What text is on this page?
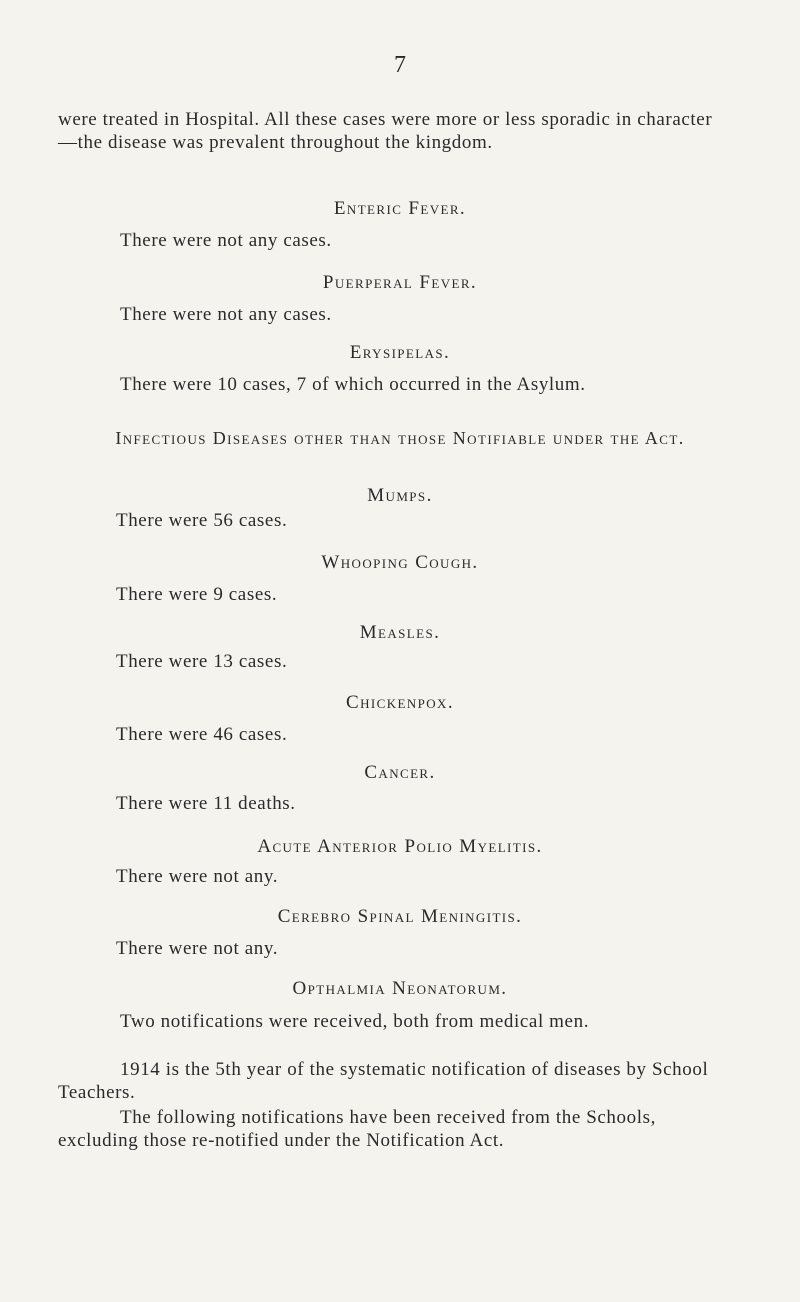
7
were treated in Hospital. All these cases were more or less sporadic in character—the disease was prevalent throughout the kingdom.
Enteric Fever.
There were not any cases.
Puerperal Fever.
There were not any cases.
Erysipelas.
There were 10 cases, 7 of which occurred in the Asylum.
Infectious Diseases other than those Notifiable under the Act.
Mumps.
There were 56 cases.
Whooping Cough.
There were 9 cases.
Measles.
There were 13 cases.
Chickenpox.
There were 46 cases.
Cancer.
There were 11 deaths.
Acute Anterior Polio Myelitis.
There were not any.
Cerebro Spinal Meningitis.
There were not any.
Opthalmia Neonatorum.
Two notifications were received, both from medical men.
1914 is the 5th year of the systematic notification of diseases by School Teachers.
The following notifications have been received from the Schools, excluding those re-notified under the Notification Act.
